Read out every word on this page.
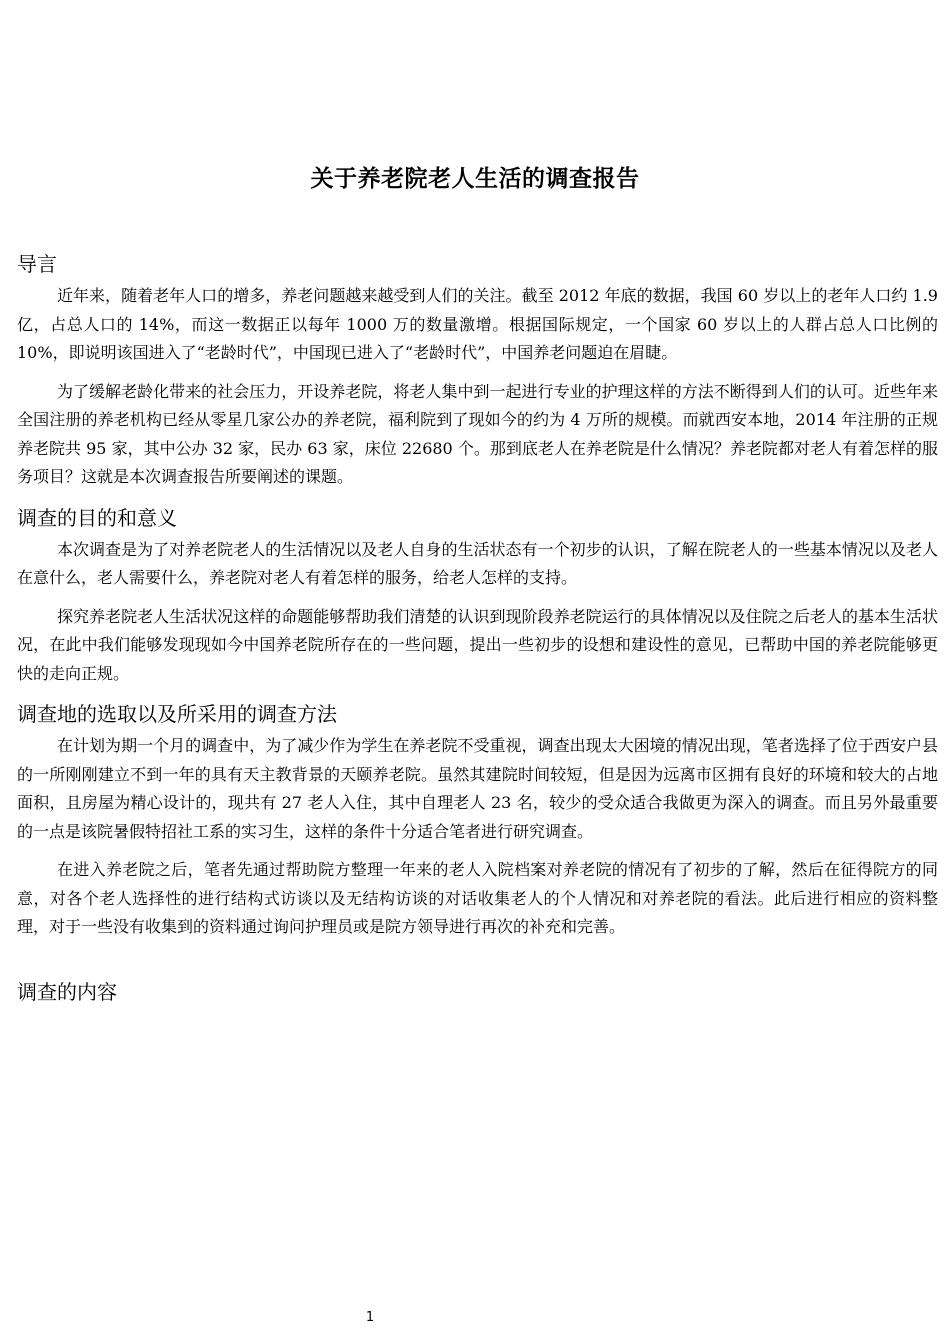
关于养老院老人生活的调查报告
导言

近年来，随着老年人口的增多，养老问题越来越受到人们的关注。截至 2012 年底的数据，我国 60 岁以上的老年人口约 1.9 亿，占总人口的 14%，而这一数据正以每年 1000 万的数量激增。根据国际规定，一个国家 60 岁以上的人群占总人口比例的 10%，即说明该国进入了“老龄时代”，中国现已进入了“老龄时代”，中国养老问题迫在眉睫。

为了缓解老龄化带来的社会压力，开设养老院，将老人集中到一起进行专业的护理这样的方法不断得到人们的认可。近些年来全国注册的养老机构已经从零星几家公办的养老院，福利院到了现如今的约为 4 万所的规模。而就西安本地，2014 年注册的正规养老院共 95 家，其中公办 32 家，民办 63 家，床位 22680 个。那到底老人在养老院是什么情况？养老院都对老人有着怎样的服务项目？这就是本次调查报告所要阐述的课题。

调查的目的和意义

本次调查是为了对养老院老人的生活情况以及老人自身的生活状态有一个初步的认识，了解在院老人的一些基本情况以及老人在意什么，老人需要什么，养老院对老人有着怎样的服务，给老人怎样的支持。

探究养老院老人生活状况这样的命题能够帮助我们清楚的认识到现阶段养老院运行的具体情况以及住院之后老人的基本生活状况，在此中我们能够发现现如今中国养老院所存在的一些问题，提出一些初步的设想和建设性的意见，已帮助中国的养老院能够更快的走向正规。

调查地的选取以及所采用的调查方法

在计划为期一个月的调查中，为了减少作为学生在养老院不受重视，调查出现太大困境的情况出现，笔者选择了位于西安户县的一所刚刚建立不到一年的具有天主教背景的天颐养老院。虽然其建院时间较短，但是因为远离市区拥有良好的环境和较大的占地面积，且房屋为精心设计的，现共有 27 老人入住，其中自理老人 23 名，较少的受众适合我做更为深入的调查。而且另外最重要的一点是该院暑假特招社工系的实习生，这样的条件十分适合笔者进行研究调查。

在进入养老院之后，笔者先通过帮助院方整理一年来的老人入院档案对养老院的情况有了初步的了解，然后在征得院方的同意，对各个老人选择性的进行结构式访谈以及无结构访谈的对话收集老人的个人情况和对养老院的看法。此后进行相应的资料整理，对于一些没有收集到的资料通过询问护理员或是院方领导进行再次的补充和完善。

调查的内容
1
